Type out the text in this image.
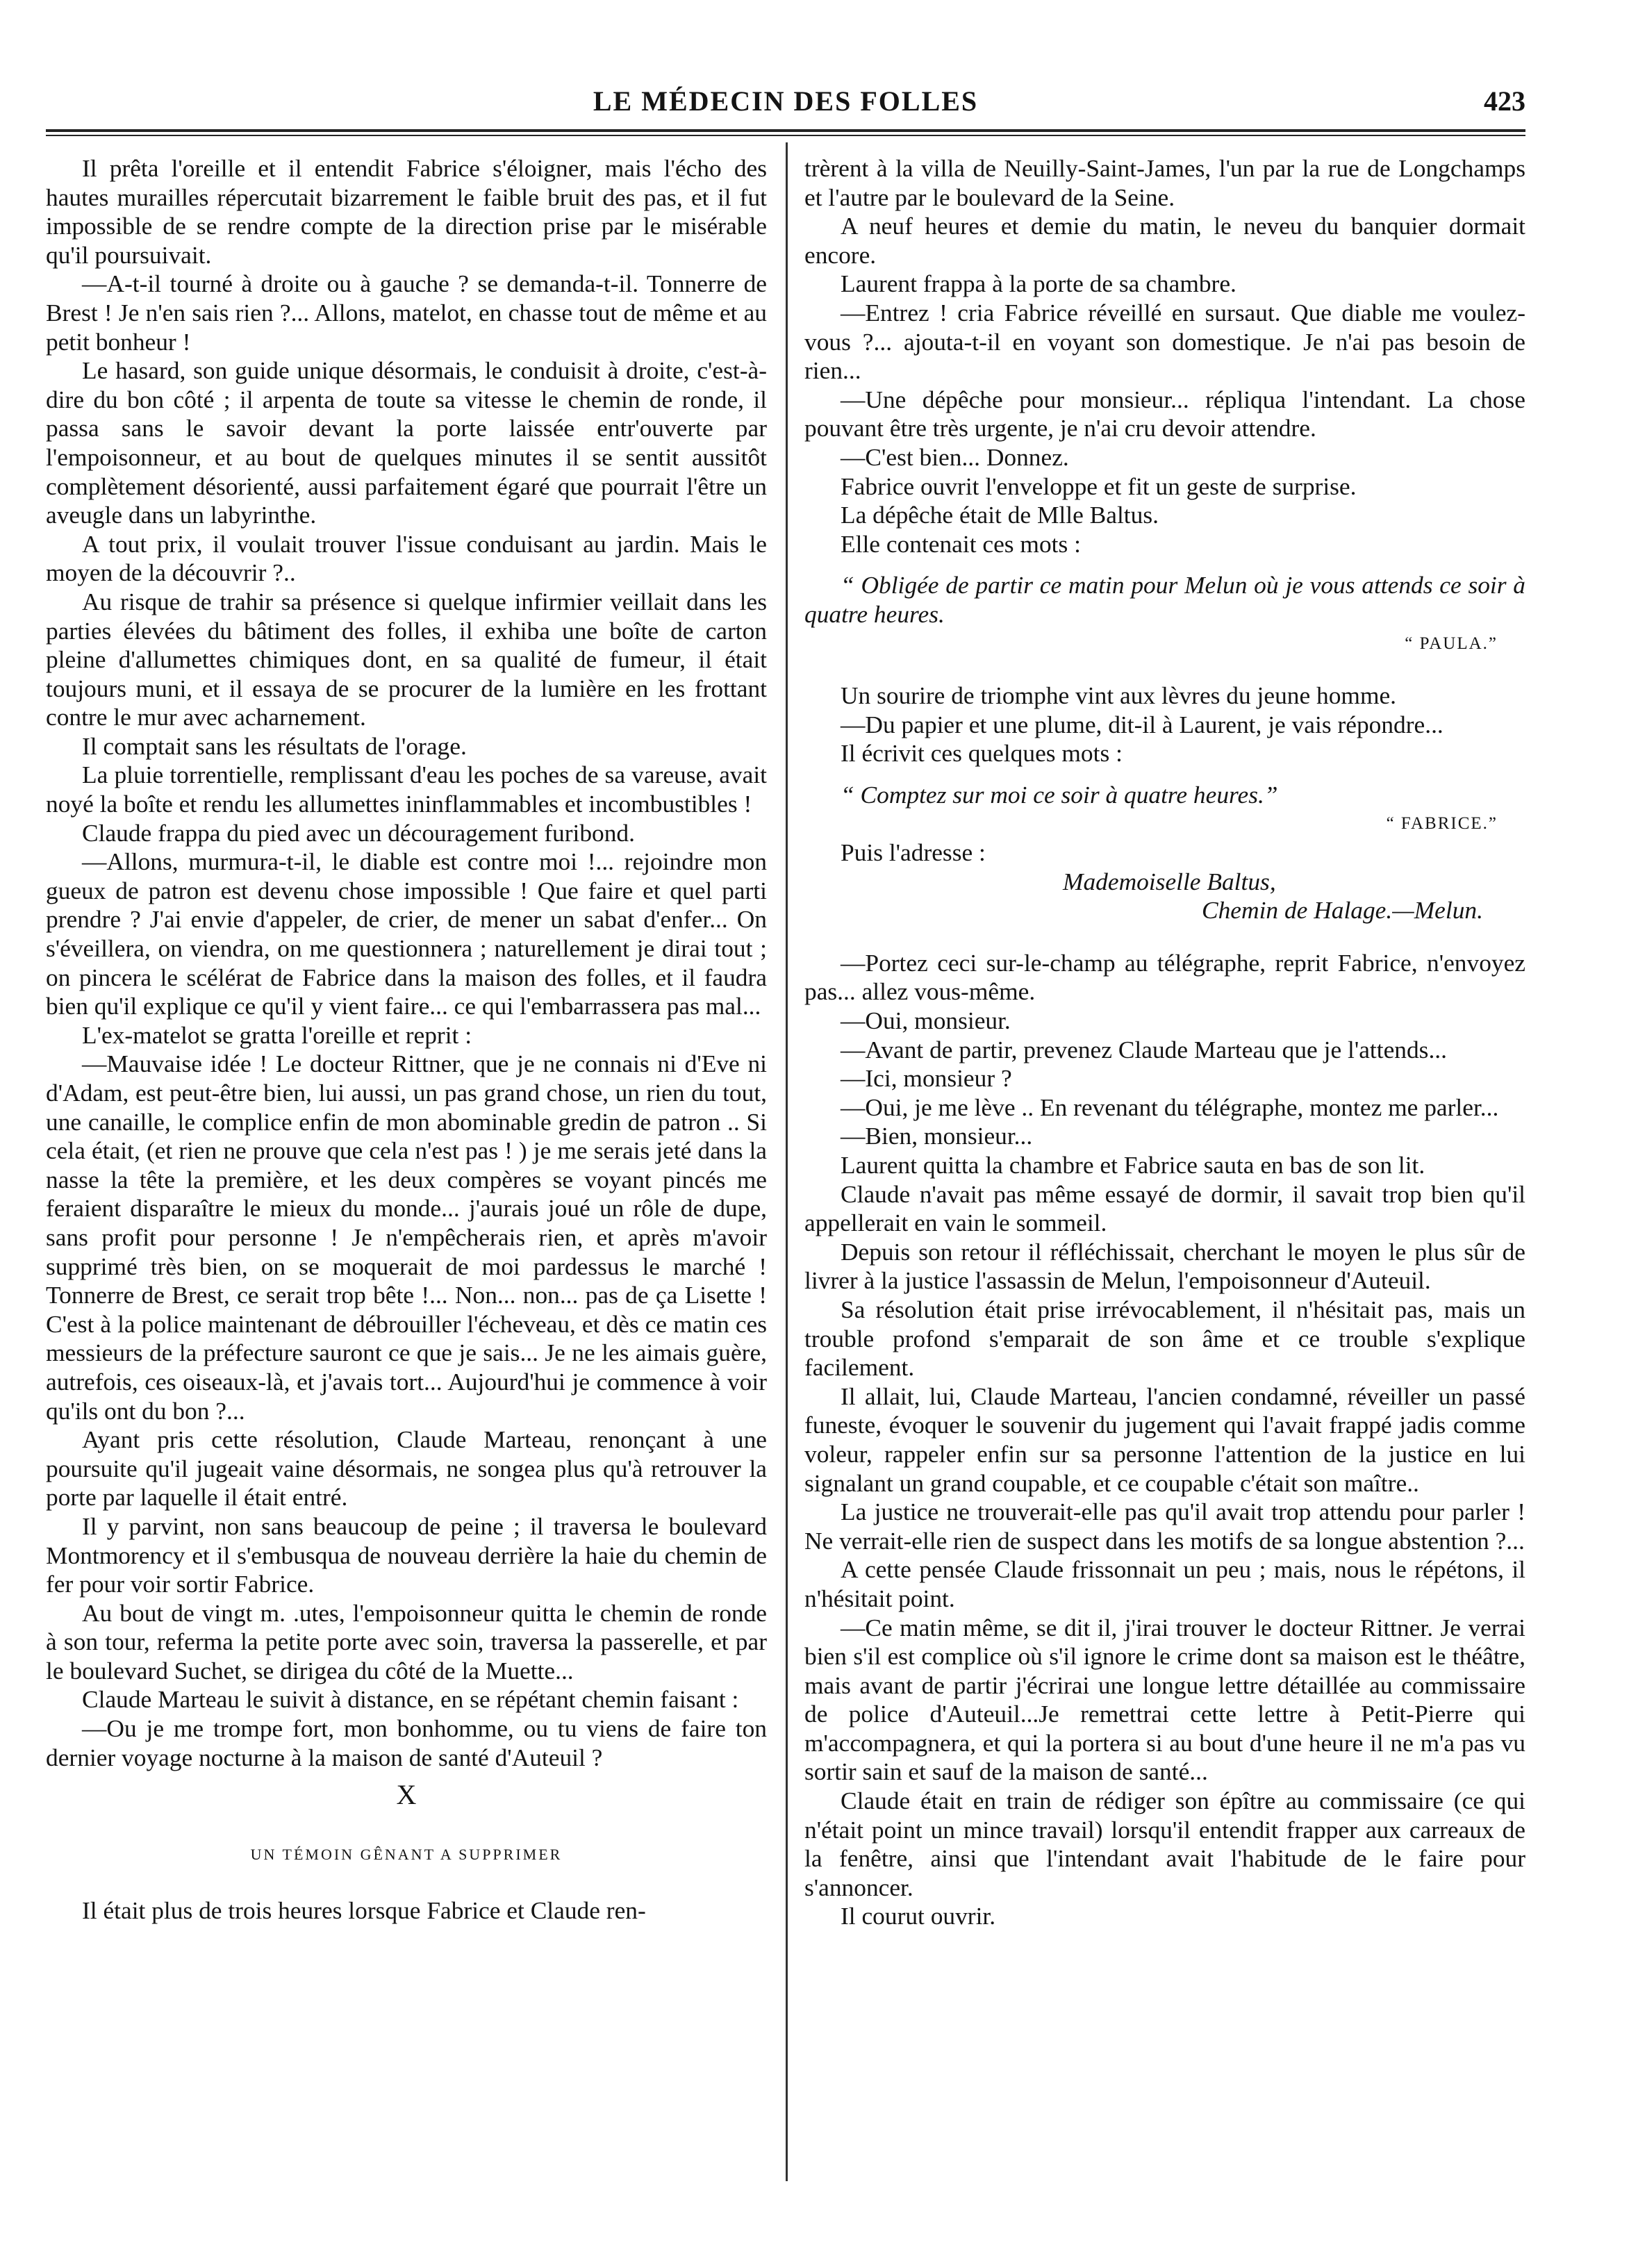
LE MÉDECIN DES FOLLES	423

Il prêta l'oreille et il entendit Fabrice s'éloigner, mais l'écho des hautes murailles répercutait bizarrement le faible bruit des pas, et il fut impossible de se rendre compte de la direction prise par le misérable qu'il poursuivait.

—A-t-il tourné à droite ou à gauche ? se demanda-t-il. Tonnerre de Brest ! Je n'en sais rien ?... Allons, matelot, en chasse tout de même et au petit bonheur !

Le hasard, son guide unique désormais, le conduisit à droite, c'est-à-dire du bon côté ; il arpenta de toute sa vitesse le chemin de ronde, il passa sans le savoir devant la porte laissée entr'ouverte par l'empoisonneur, et au bout de quelques minutes il se sentit aussitôt complètement désorienté, aussi parfaitement égaré que pourrait l'être un aveugle dans un labyrinthe.

A tout prix, il voulait trouver l'issue conduisant au jardin. Mais le moyen de la découvrir ?..

Au risque de trahir sa présence si quelque infirmier veillait dans les parties élevées du bâtiment des folles, il exhiba une boîte de carton pleine d'allumettes chimiques dont, en sa qualité de fumeur, il était toujours muni, et il essaya de se procurer de la lumière en les frottant contre le mur avec acharnement.

Il comptait sans les résultats de l'orage.

La pluie torrentielle, remplissant d'eau les poches de sa vareuse, avait noyé la boîte et rendu les allumettes ininflammables et incombustibles !

Claude frappa du pied avec un découragement furibond.

—Allons, murmura-t-il, le diable est contre moi !... rejoindre mon gueux de patron est devenu chose impossible ! Que faire et quel parti prendre ? J'ai envie d'appeler, de crier, de mener un sabat d'enfer... On s'éveillera, on viendra, on me questionnera ; naturellement je dirai tout ; on pincera le scélérat de Fabrice dans la maison des folles, et il faudra bien qu'il explique ce qu'il y vient faire... ce qui l'embarrassera pas mal...

L'ex-matelot se gratta l'oreille et reprit :

—Mauvaise idée ! Le docteur Rittner, que je ne connais ni d'Eve ni d'Adam, est peut-être bien, lui aussi, un pas grand chose, un rien du tout, une canaille, le complice enfin de mon abominable gredin de patron .. Si cela était, (et rien ne prouve que cela n'est pas ! ) je me serais jeté dans la nasse la tête la première, et les deux compères se voyant pincés me feraient disparaître le mieux du monde... j'aurais joué un rôle de dupe, sans profit pour personne ! Je n'empêcherais rien, et après m'avoir supprimé très bien, on se moquerait de moi pardessus le marché ! Tonnerre de Brest, ce serait trop bête !... Non... non... pas de ça Lisette ! C'est à la police maintenant de débrouiller l'écheveau, et dès ce matin ces messieurs de la préfecture sauront ce que je sais... Je ne les aimais guère, autrefois, ces oiseaux-là, et j'avais tort... Aujourd'hui je commence à voir qu'ils ont du bon ?...

Ayant pris cette résolution, Claude Marteau, renonçant à une poursuite qu'il jugeait vaine désormais, ne songea plus qu'à retrouver la porte par laquelle il était entré.

Il y parvint, non sans beaucoup de peine ; il traversa le boulevard Montmorency et il s'embusqua de nouveau derrière la haie du chemin de fer pour voir sortir Fabrice.

Au bout de vingt m. .utes, l'empoisonneur quitta le chemin de ronde à son tour, referma la petite porte avec soin, traversa la passerelle, et par le boulevard Suchet, se dirigea du côté de la Muette...

Claude Marteau le suivit à distance, en se répétant chemin faisant :

—Ou je me trompe fort, mon bonhomme, ou tu viens de faire ton dernier voyage nocturne à la maison de santé d'Auteuil ?

X
UN TÉMOIN GÊNANT A SUPPRIMER

Il était plus de trois heures lorsque Fabrice et Claude ren-

trèrent à la villa de Neuilly-Saint-James, l'un par la rue de Longchamps et l'autre par le boulevard de la Seine.

A neuf heures et demie du matin, le neveu du banquier dormait encore.

Laurent frappa à la porte de sa chambre.

—Entrez ! cria Fabrice réveillé en sursaut. Que diable me voulez-vous ?... ajouta-t-il en voyant son domestique. Je n'ai pas besoin de rien...

—Une dépêche pour monsieur... répliqua l'intendant. La chose pouvant être très urgente, je n'ai cru devoir attendre.

—C'est bien... Donnez.

Fabrice ouvrit l'enveloppe et fit un geste de surprise.

La dépêche était de Mlle Baltus.

Elle contenait ces mots :

“ Obligée de partir ce matin pour Melun où je vous attends ce soir à quatre heures.

“ PAULA.”

Un sourire de triomphe vint aux lèvres du jeune homme.

—Du papier et une plume, dit-il à Laurent, je vais répondre...

Il écrivit ces quelques mots :

“ Comptez sur moi ce soir à quatre heures.”

“ FABRICE.”

Puis l'adresse :

Mademoiselle Baltus,

Chemin de Halage.—Melun.

—Portez ceci sur-le-champ au télégraphe, reprit Fabrice, n'envoyez pas... allez vous-même.

—Oui, monsieur.

—Avant de partir, prevenez Claude Marteau que je l'attends...

—Ici, monsieur ?

—Oui, je me lève .. En revenant du télégraphe, montez me parler...

—Bien, monsieur...

Laurent quitta la chambre et Fabrice sauta en bas de son lit.

Claude n'avait pas même essayé de dormir, il savait trop bien qu'il appellerait en vain le sommeil.

Depuis son retour il réfléchissait, cherchant le moyen le plus sûr de livrer à la justice l'assassin de Melun, l'empoisonneur d'Auteuil.

Sa résolution était prise irrévocablement, il n'hésitait pas, mais un trouble profond s'emparait de son âme et ce trouble s'explique facilement.

Il allait, lui, Claude Marteau, l'ancien condamné, réveiller un passé funeste, évoquer le souvenir du jugement qui l'avait frappé jadis comme voleur, rappeler enfin sur sa personne l'attention de la justice en lui signalant un grand coupable, et ce coupable c'était son maître..

La justice ne trouverait-elle pas qu'il avait trop attendu pour parler ! Ne verrait-elle rien de suspect dans les motifs de sa longue abstention ?...

A cette pensée Claude frissonnait un peu ; mais, nous le répétons, il n'hésitait point.

—Ce matin même, se dit il, j'irai trouver le docteur Rittner. Je verrai bien s'il est complice où s'il ignore le crime dont sa maison est le théâtre, mais avant de partir j'écrirai une longue lettre détaillée au commissaire de police d'Auteuil...Je remettrai cette lettre à Petit-Pierre qui m'accompagnera, et qui la portera si au bout d'une heure il ne m'a pas vu sortir sain et sauf de la maison de santé...

Claude était en train de rédiger son épître au commissaire (ce qui n'était point un mince travail) lorsqu'il entendit frapper aux carreaux de la fenêtre, ainsi que l'intendant avait l'habitude de le faire pour s'annoncer.

Il courut ouvrir.
